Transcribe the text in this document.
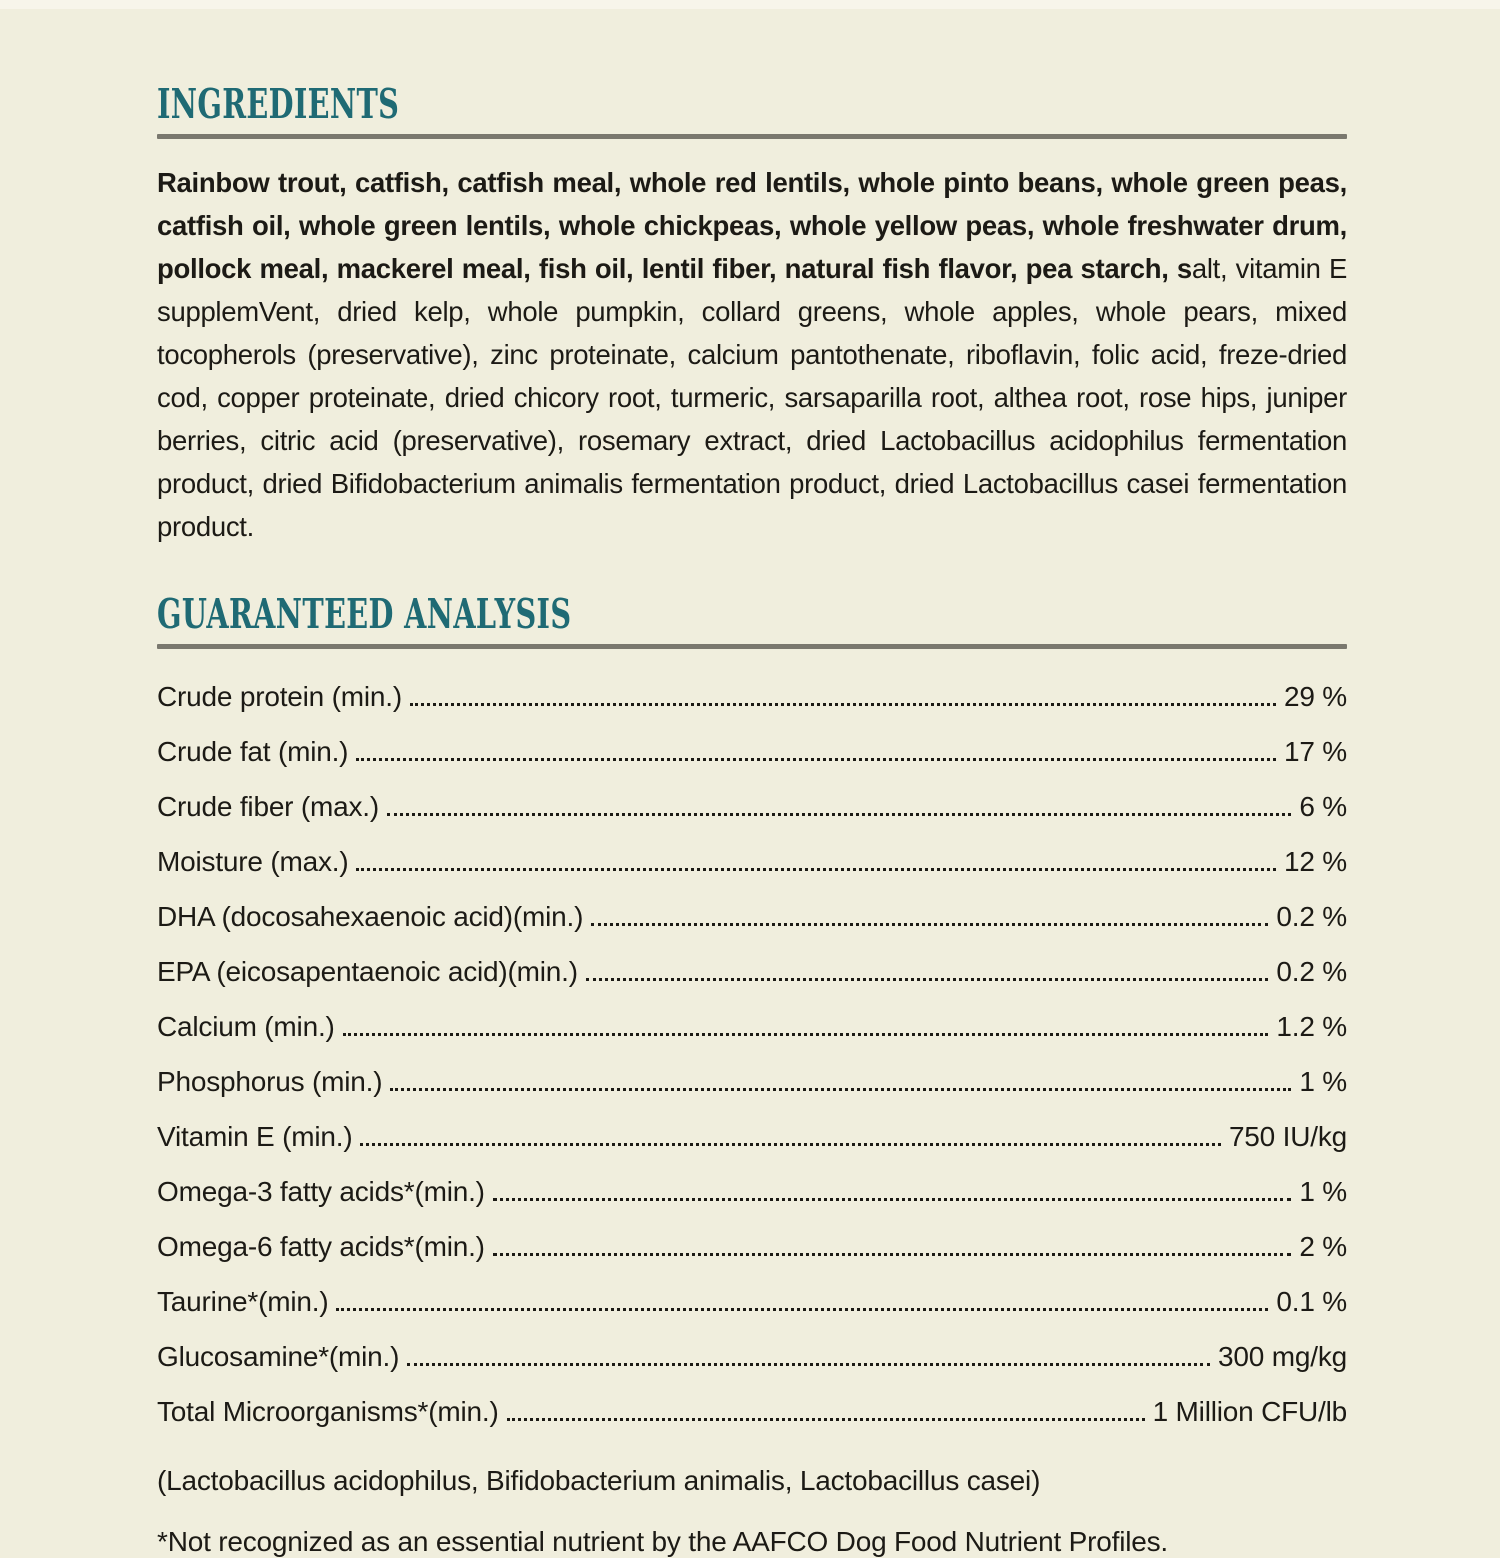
INGREDIENTS

Rainbow trout, catfish, catfish meal, whole red lentils, whole pinto beans, whole green peas, catfish oil, whole green lentils, whole chickpeas, whole yellow peas, whole freshwater drum, pollock meal, mackerel meal, fish oil, lentil fiber, natural fish flavor, pea starch, salt, vitamin E supplemVent, dried kelp, whole pumpkin, collard greens, whole apples, whole pears, mixed tocopherols (preservative), zinc proteinate, calcium pantothenate, riboflavin, folic acid, freze-dried cod, copper proteinate, dried chicory root, turmeric, sarsaparilla root, althea root, rose hips, juniper berries, citric acid (preservative), rosemary extract, dried Lactobacillus acidophilus fermentation product, dried Bifidobacterium animalis fermentation product, dried Lactobacillus casei fermentation product.

GUARANTEED ANALYSIS
Crude protein (min.)	29 %
Crude fat (min.)	17 %
Crude fiber (max.)	6 %
Moisture (max.)	12 %
DHA (docosahexaenoic acid)(min.)	0.2 %
EPA (eicosapentaenoic acid)(min.)	0.2 %
Calcium (min.)	1.2 %
Phosphorus (min.)	1 %
Vitamin E (min.)	750 IU/kg
Omega-3 fatty acids*(min.)	1 %
Omega-6 fatty acids*(min.)	2 %
Taurine*(min.)	0.1 %
Glucosamine*(min.)	300 mg/kg
Total Microorganisms*(min.)	1 Million CFU/lb

(Lactobacillus acidophilus, Bifidobacterium animalis, Lactobacillus casei)

*Not recognized as an essential nutrient by the AAFCO Dog Food Nutrient Profiles.
